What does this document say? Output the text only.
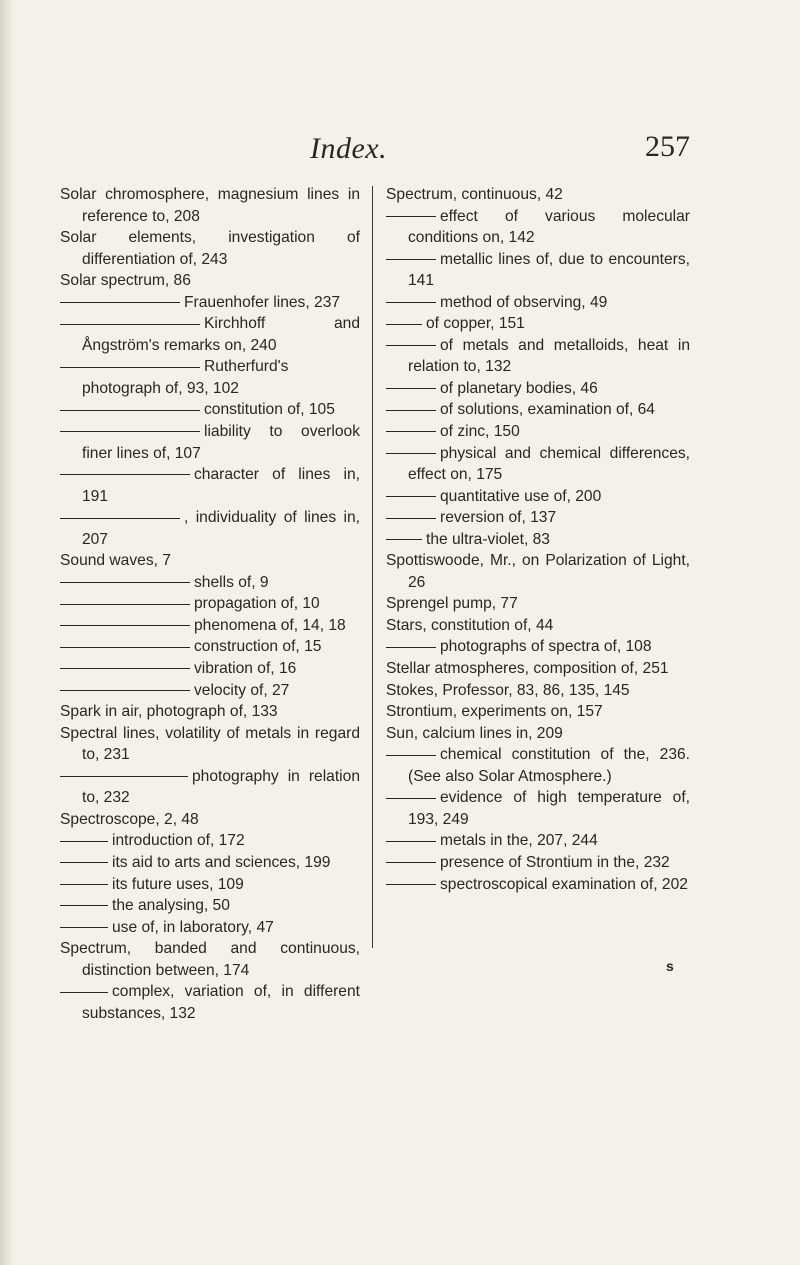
Index.	257

Solar chromosphere, magnesium lines in reference to, 208

Solar elements, investigation of differentiation of, 243

Solar spectrum, 86

Frauenhofer lines, 237

Kirchhoff and Ångström's remarks on, 240

Rutherfurd's photograph of, 93, 102

constitution of, 105

liability to overlook finer lines of, 107

character of lines in, 191

, individuality of lines in, 207

Sound waves, 7

shells of, 9

propagation of, 10

phenomena of, 14, 18

construction of, 15

vibration of, 16

velocity of, 27

Spark in air, photograph of, 133

Spectral lines, volatility of metals in regard to, 231

photography in relation to, 232

Spectroscope, 2, 48

introduction of, 172

its aid to arts and sciences, 199

its future uses, 109

the analysing, 50

use of, in laboratory, 47

Spectrum, banded and continuous, distinction between, 174

complex, variation of, in different substances, 132

Spectrum, continuous, 42

effect of various molecular conditions on, 142

metallic lines of, due to encounters, 141

method of observing, 49

of copper, 151

of metals and metalloids, heat in relation to, 132

of planetary bodies, 46

of solutions, examination of, 64

of zinc, 150

physical and chemical differences, effect on, 175

quantitative use of, 200

reversion of, 137

the ultra-violet, 83

Spottiswoode, Mr., on Polarization of Light, 26

Sprengel pump, 77

Stars, constitution of, 44

photographs of spectra of, 108

Stellar atmospheres, composition of, 251

Stokes, Professor, 83, 86, 135, 145

Strontium, experiments on, 157

Sun, calcium lines in, 209

chemical constitution of the, 236. (See also Solar Atmosphere.)

evidence of high temperature of, 193, 249

metals in the, 207, 244

presence of Strontium in the, 232

spectroscopical examination of, 202

s
